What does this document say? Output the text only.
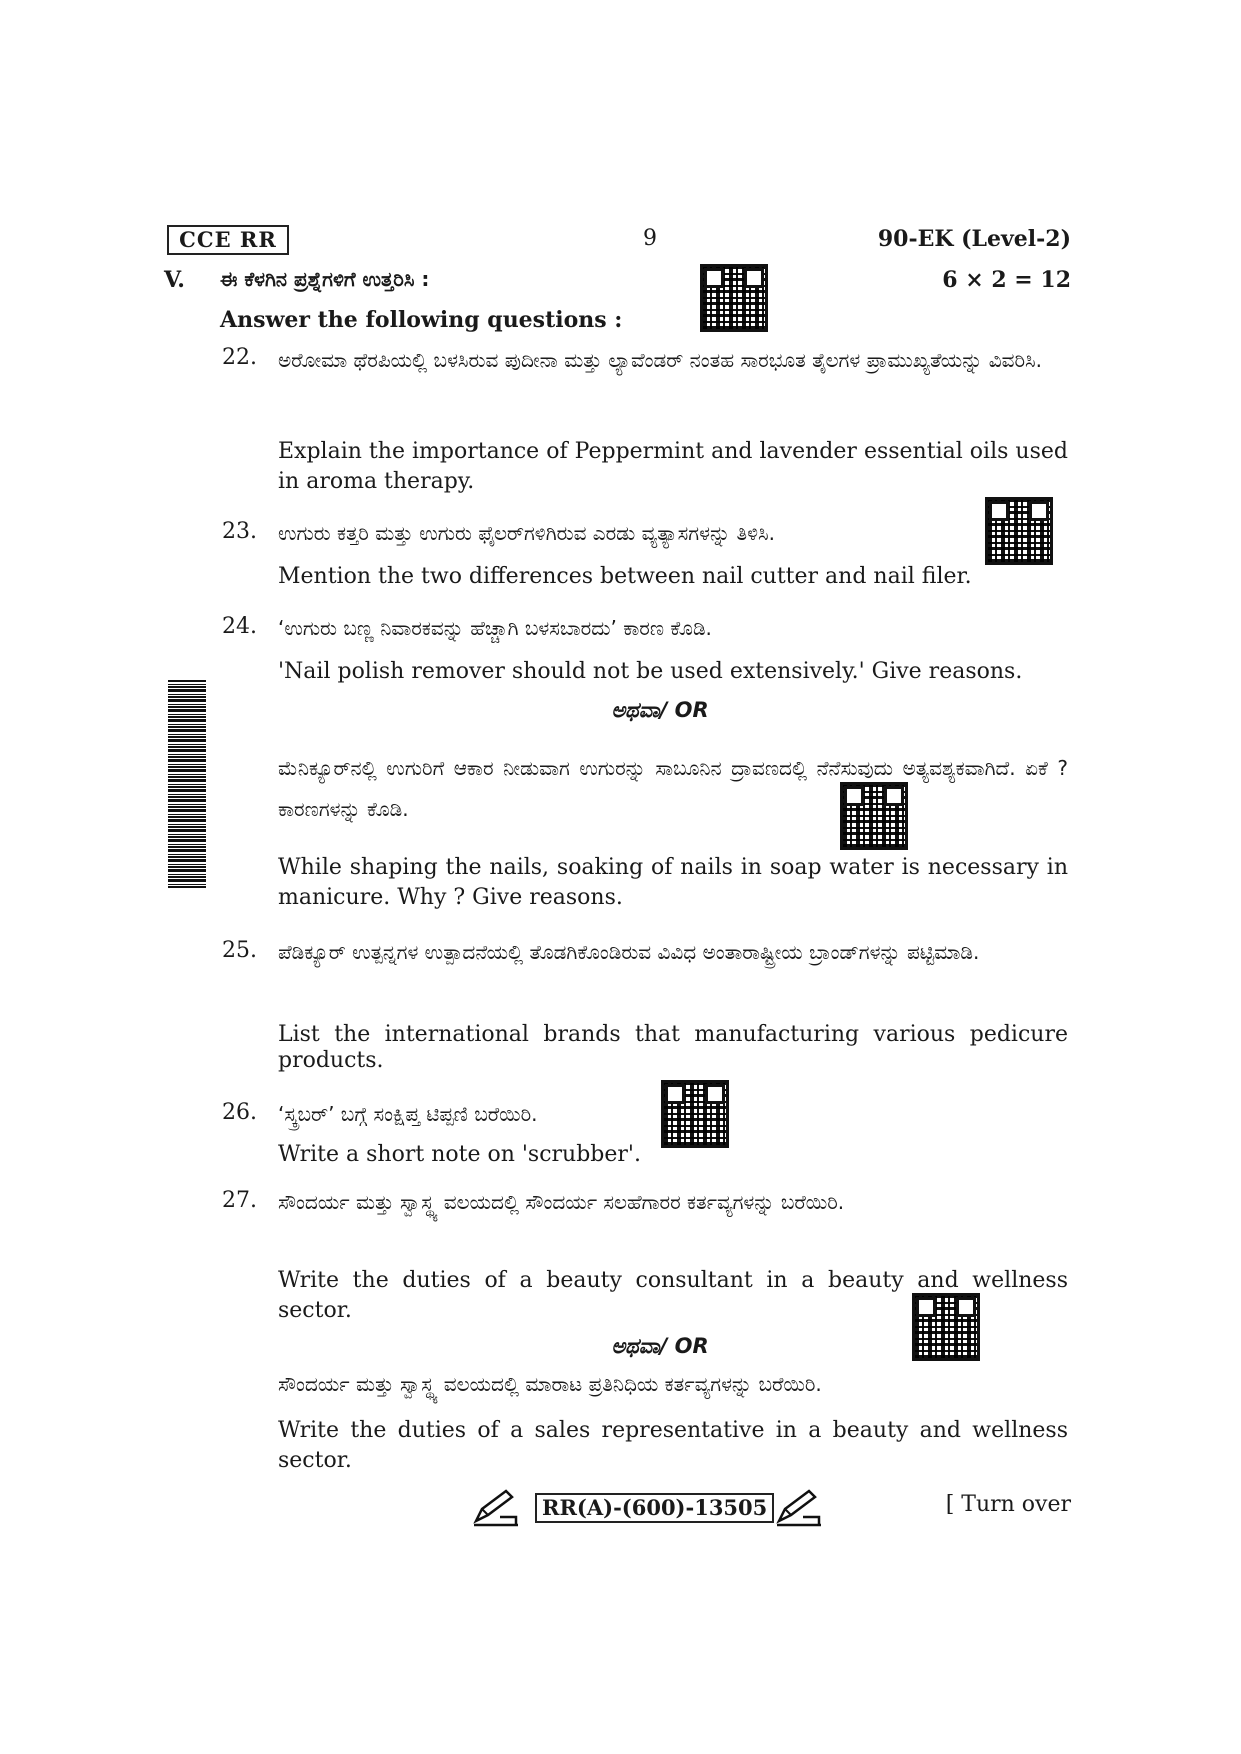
CCE RR	9	90-EK (Level-2)
V. ಈ ಕೆಳಗಿನ ಪ್ರಶ್ನೆಗಳಿಗೆ ಉತ್ತರಿಸಿ :
Answer the following questions :
6 × 2 = 12
22. ಅರೋಮಾ ಥೆರಪಿಯಲ್ಲಿ ಬಳಸಿರುವ ಪುದೀನಾ ಮತ್ತು ಲ್ಯಾವೆಂಡರ್ ನಂತಹ ಸಾರಭೂತ ತೈಲಗಳ ಪ್ರಾಮುಖ್ಯತೆಯನ್ನು ವಿವರಿಸಿ.
Explain the importance of Peppermint and lavender essential oils used in aroma therapy.
23. ಉಗುರು ಕತ್ತರಿ ಮತ್ತು ಉಗುರು ಫೈಲರ್‌ಗಳಿಗಿರುವ ಎರಡು ವ್ಯತ್ಯಾಸಗಳನ್ನು ತಿಳಿಸಿ.
Mention the two differences between nail cutter and nail filer.
24. ‘ಉಗುರು ಬಣ್ಣ ನಿವಾರಕವನ್ನು ಹೆಚ್ಚಾಗಿ ಬಳಸಬಾರದು’ ಕಾರಣ ಕೊಡಿ.
'Nail polish remover should not be used extensively.' Give reasons.
ಅಥವಾ/ OR
ಮೆನಿಕ್ಯೂರ್‌ನಲ್ಲಿ ಉಗುರಿಗೆ ಆಕಾರ ನೀಡುವಾಗ ಉಗುರನ್ನು ಸಾಬೂನಿನ ದ್ರಾವಣದಲ್ಲಿ ನೆನೆಸುವುದು ಅತ್ಯವಶ್ಯಕವಾಗಿದೆ. ಏಕೆ ? ಕಾರಣಗಳನ್ನು ಕೊಡಿ.
While shaping the nails, soaking of nails in soap water is necessary in manicure. Why ? Give reasons.
25. ಪೆಡಿಕ್ಯೂರ್ ಉತ್ಪನ್ನಗಳ ಉತ್ಪಾದನೆಯಲ್ಲಿ ತೊಡಗಿಕೊಂಡಿರುವ ವಿವಿಧ ಅಂತಾರಾಷ್ಟ್ರೀಯ ಬ್ರಾಂಡ್‌ಗಳನ್ನು ಪಟ್ಟಿಮಾಡಿ.
List the international brands that manufacturing various pedicure products.
26. ‘ಸ್ಕ್ರಬರ್’ ಬಗ್ಗೆ ಸಂಕ್ಷಿಪ್ತ ಟಿಪ್ಪಣಿ ಬರೆಯಿರಿ.
Write a short note on 'scrubber'.
27. ಸೌಂದರ್ಯ ಮತ್ತು ಸ್ವಾಸ್ಥ್ಯ ವಲಯದಲ್ಲಿ ಸೌಂದರ್ಯ ಸಲಹೆಗಾರರ ಕರ್ತವ್ಯಗಳನ್ನು ಬರೆಯಿರಿ.
Write the duties of a beauty consultant in a beauty and wellness sector.
ಅಥವಾ/ OR
ಸೌಂದರ್ಯ ಮತ್ತು ಸ್ವಾಸ್ಥ್ಯ ವಲಯದಲ್ಲಿ ಮಾರಾಟ ಪ್ರತಿನಿಧಿಯ ಕರ್ತವ್ಯಗಳನ್ನು ಬರೆಯಿರಿ.
Write the duties of a sales representative in a beauty and wellness sector.
RR(A)-(600)-13505	[ Turn over
